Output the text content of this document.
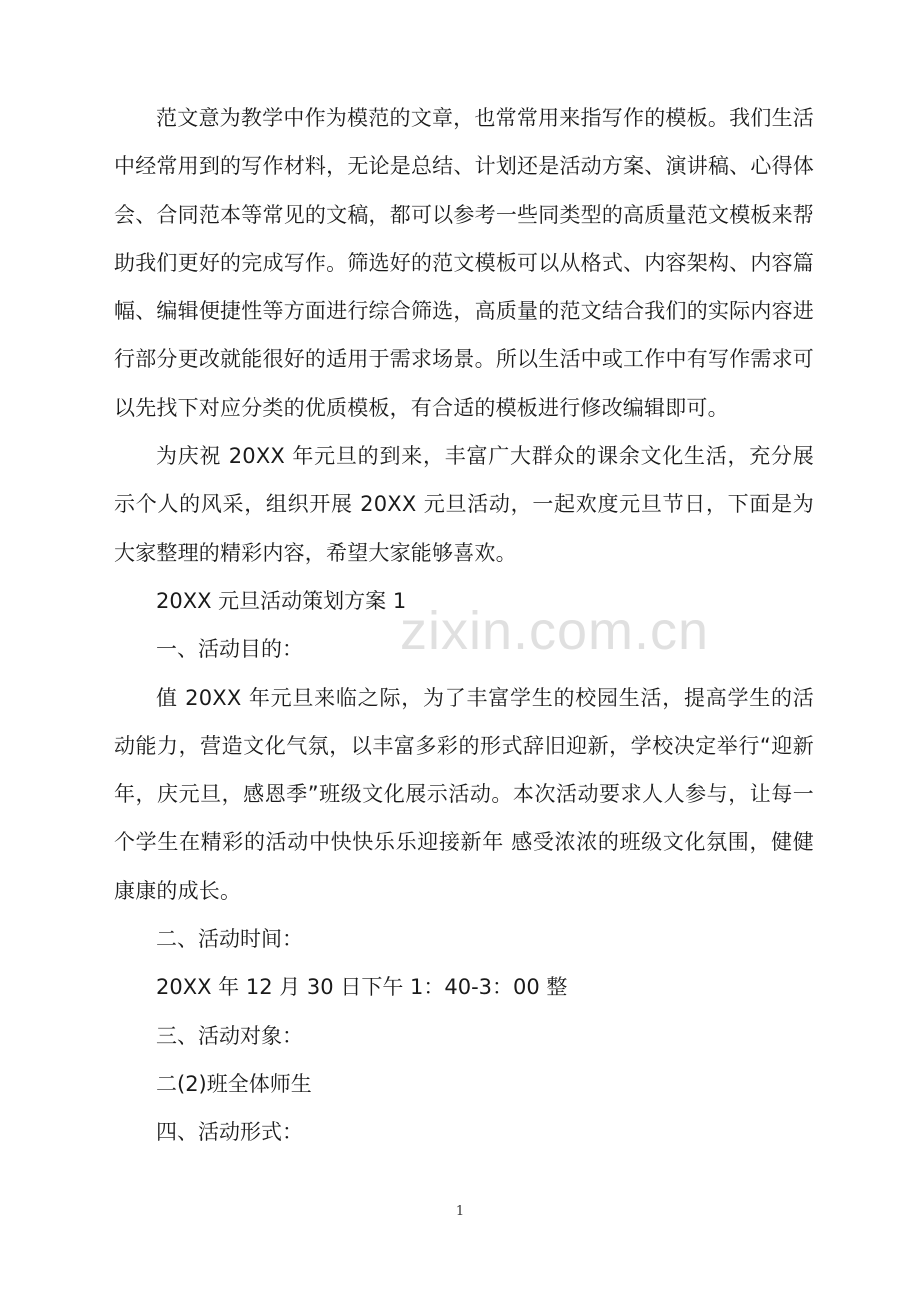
范文意为教学中作为模范的文章，也常常用来指写作的模板。我们生活中经常用到的写作材料，无论是总结、计划还是活动方案、演讲稿、心得体会、合同范本等常见的文稿，都可以参考一些同类型的高质量范文模板来帮助我们更好的完成写作。筛选好的范文模板可以从格式、内容架构、内容篇幅、编辑便捷性等方面进行综合筛选，高质量的范文结合我们的实际内容进行部分更改就能很好的适用于需求场景。所以生活中或工作中有写作需求可以先找下对应分类的优质模板，有合适的模板进行修改编辑即可。

为庆祝 20XX 年元旦的到来，丰富广大群众的课余文化生活，充分展示个人的风采，组织开展 20XX 元旦活动，一起欢度元旦节日，下面是为大家整理的精彩内容，希望大家能够喜欢。

20XX 元旦活动策划方案 1

一、活动目的：

值 20XX 年元旦来临之际，为了丰富学生的校园生活，提高学生的活动能力，营造文化气氛，以丰富多彩的形式辞旧迎新，学校决定举行“迎新年，庆元旦，感恩季”班级文化展示活动。本次活动要求人人参与，让每一个学生在精彩的活动中快快乐乐迎接新年 感受浓浓的班级文化氛围，健健康康的成长。

二、活动时间：

20XX 年 12 月 30 日下午 1：40-3：00 整

三、活动对象：

二(2)班全体师生

四、活动形式：

zixin.com.cn
1
